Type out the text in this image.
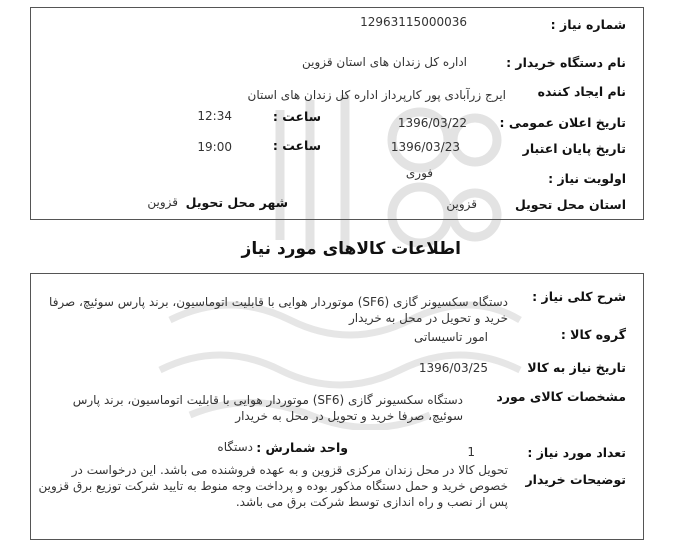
شماره نیاز :
12963115000036
نام دستگاه خریدار :
اداره کل زندان های استان قزوین
نام ایجاد کننده
ایرج زرآبادی پور کارپرداز اداره کل زندان های استان
تاریخ اعلان عمومی :
1396/03/22
ساعت :
12:34
تاریخ پایان اعتبار
1396/03/23
ساعت :
19:00
اولویت نیاز :
فوری
استان محل تحویل
قزوین
شهر محل تحویل
قزوین
اطلاعات کالاهای مورد نیاز
شرح کلی نیاز :
دستگاه سکسیونر گازی (SF6) موتوردار هوایی با قابلیت اتوماسیون، برند پارس سوئیچ، صرفا خرید و تحویل در محل به خریدار
گروه کالا :
امور تاسیساتی
تاریخ نیاز به کالا
1396/03/25
مشخصات کالای مورد
دستگاه سکسیونر گازی (SF6) موتوردار هوایی با قابلیت اتوماسیون، برند پارس سوئیچ، صرفا خرید و تحویل در محل به خریدار
تعداد مورد نیاز :
1
واحد شمارش :
دستگاه
توضیحات خریدار
تحویل کالا در محل زندان مرکزی قزوین و به عهده فروشنده می باشد. این درخواست در خصوص خرید و حمل دستگاه مذکور بوده و پرداخت وجه منوط به تایید شرکت توزیع برق قزوین پس از نصب و راه اندازی توسط شرکت برق می باشد.
